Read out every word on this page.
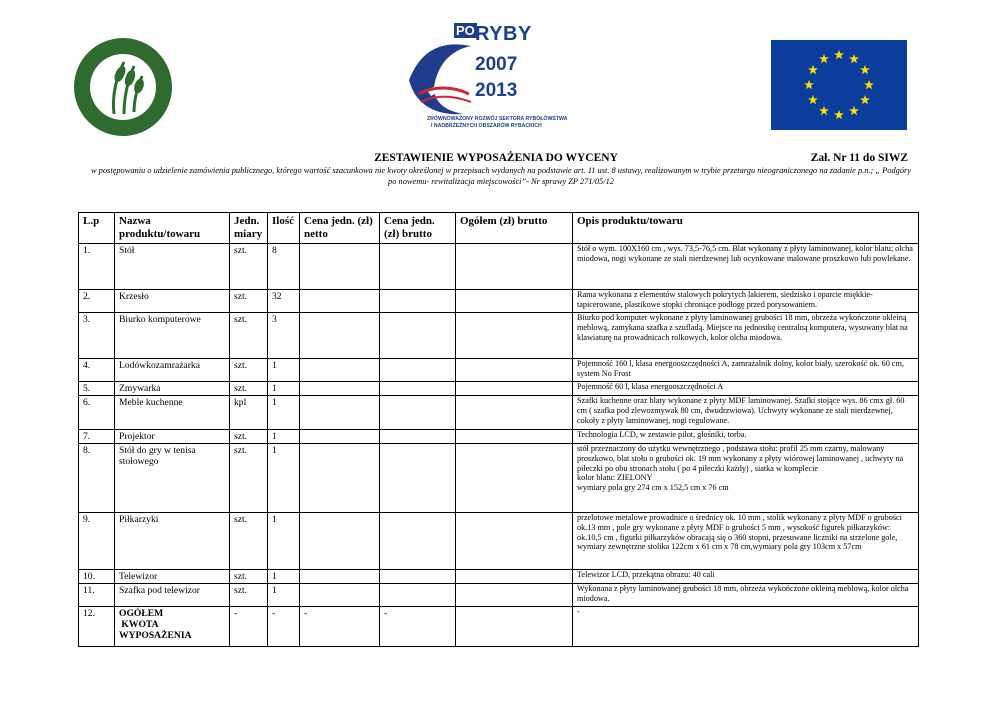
MINISTERSTWO ROLNICTWA I ROZWOJU WSI	PO RYBY
2007
2013
ZRÓWNOWAŻONY ROZWÓJ SEKTORA RYBOŁÓWSTWA
I NADBRZEŻNYCH OBSZARÓW RYBACKICH
ZESTAWIENIE WYPOSAŻENIA DO WYCENY	Zał. Nr 11 do SIWZ
w postępowaniu o udzielenie zamówienia publicznego, którego wartość szacunkowa nie kwoty określonej w przepisach wydanych na podstawie art. 11 ust. 8 ustawy, realizowanym w trybie przetargu nieograniczonego na zadanie p.n.; „ Podgóry po nowemu- rewitalizacja miejscowości”- Nr sprawy ZP 271/05/12
L.p	Nazwa produktu/towaru	Jedn. miary	Ilość	Cena jedn. (zł) netto	Cena jedn. (zł) brutto	Ogółem (zł) brutto	Opis produktu/towaru
1.	Stół	szt.	8				Stół o wym. 100X160 cm , wys. 73,5-76,5 cm. Blat wykonany z płyty laminowanej, kolor blatu; olcha miodowa, nogi wykonane ze stali nierdzewnej lub ocynkowane malowane proszkowo lub powlekane.
2.	Krzesło	szt.	32				Rama wykonana z elementów stalowych pokrytych lakierem, siedzisko i oparcie miękkie- tapicerowane, plastikowe stopki chroniące podłogę przed porysowaniem.
3.	Biurko komputerowe	szt.	3				Biurko pod komputer wykonane z płyty laminowanej grubości 18 mm, obrzeża wykończone okleiną meblową, zamykana szafka z szufladą. Miejsce na jednostkę centralną komputera, wysuwany blat na klawiaturę na prowadnicach rolkowych, kolor olcha miodowa.
4.	Lodówkozamrażarka	szt.	1				Pojemność 160 l, klasa energooszczędności A, zamrażalnik dolny, kolor biały, szerokość ok. 60 cm, system No Frost
5.	Zmywarka	szt.	1				Pojemność 60 l, klasa energooszczędności A
6.	Meble kuchenne	kpl	1				Szafki kuchenne oraz blaty wykonane z płyty MDF laminowanej. Szafki stojące wys. 86 cmx gł. 60 cm ( szafka pod zlewozmywak 80 cm, dwudrzwiowa). Uchwyty wykonane ze stali nierdzewnej, cokoły z płyty laminowanej, nogi regulowane.
7.	Projektor	szt.	1				Technologia LCD, w zestawie pilot, głośniki, torba.
8.	Stół do gry w tenisa stołowego	szt.	1				stół przeznaczony do użytku wewnętrznego , podstawa stołu: profil 25 mm czarny, malowany proszkowo, blat stołu o grubości ok. 19 mm wykonany z płyty wiórowej laminowanej , uchwyty na piłeczki po obu stronach stołu ( po 4 piłeczki każdy) , siatka w komplecie
kolor blatu: ZIELONY
wymiary pola gry 274 cm x 152,5 cm x 76 cm
9.	Piłkarzyki	szt.	1				przelotowe metalowe prowadnice o średnicy ok. 10 mm , stolik wykonany z płyty MDF o grubości ok.13 mm , pole gry wykonane z płyty MDF o grubości 5 mm , wysokość figurek piłkarzyków: ok.10,5 cm , figurki piłkarzyków obracają się o 360 stopni, przesuwane liczniki na strzelone gole, wymiary zewnętrzne stolika 122cm x 61 cm x 78 cm,wymiary pola gry 103cm x 57cm
10.	Telewizor	szt.	1				Telewizor LCD, przekątna obrazu: 40 cali
11.	Szafka pod telewizor	szt.	1				Wykonana z płyty laminowanej grubości 18 mm, obrzeża wykończone okleiną meblową, kolor olcha miodowa.
12.	OGÓŁEM
KWOTA
WYPOSAŻENIA	-	-	-	-		-
